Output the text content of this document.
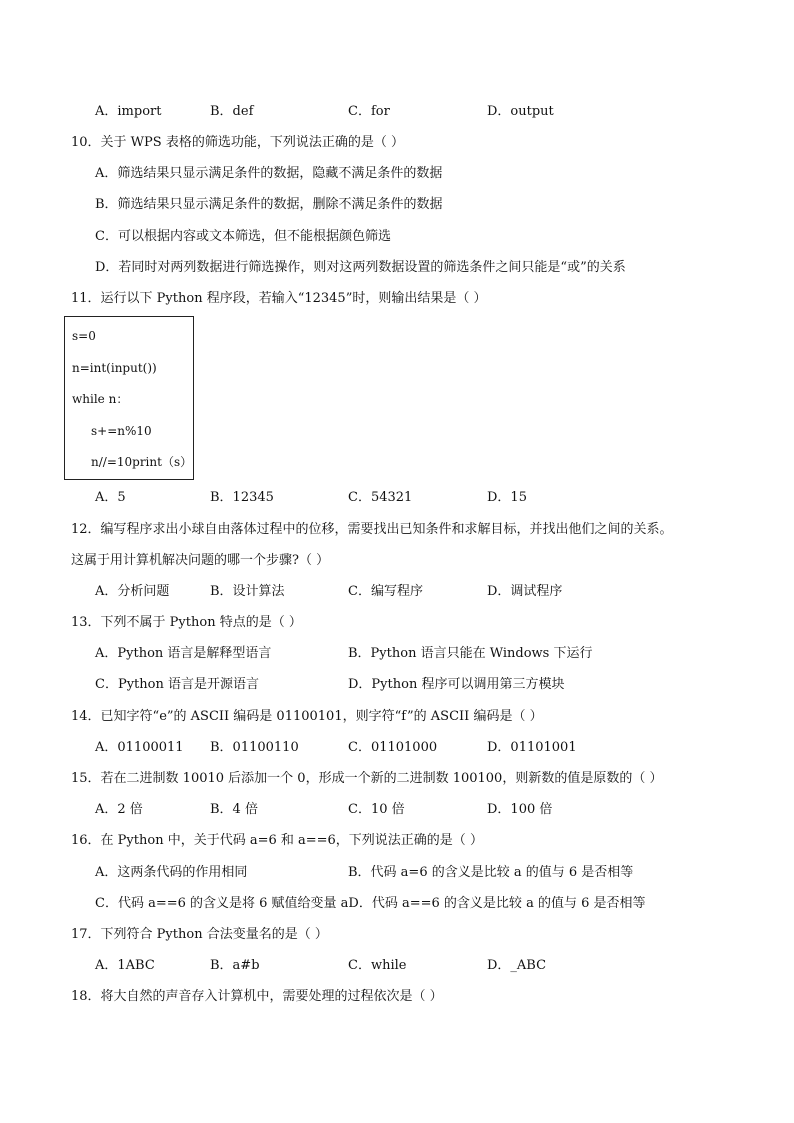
A．import	B．def	C．for	D．output
10．关于 WPS 表格的筛选功能，下列说法正确的是（ ）
A．筛选结果只显示满足条件的数据，隐藏不满足条件的数据
B．筛选结果只显示满足条件的数据，删除不满足条件的数据
C．可以根据内容或文本筛选，但不能根据颜色筛选
D．若同时对两列数据进行筛选操作，则对这两列数据设置的筛选条件之间只能是“或”的关系
11．运行以下 Python 程序段，若输入“12345”时，则输出结果是（ ）
s=0
n=int(input())
while n：
s+=n%10
n//=10print（s）
A．5	B．12345	C．54321	D．15
12．编写程序求出小球自由落体过程中的位移，需要找出已知条件和求解目标，并找出他们之间的关系。
这属于用计算机解决问题的哪一个步骤?（ ）
A．分析问题	B．设计算法	C．编写程序	D．调试程序
13．下列不属于 Python 特点的是（ ）
A．Python 语言是解释型语言	B．Python 语言只能在 Windows 下运行
C．Python 语言是开源语言	D．Python 程序可以调用第三方模块
14．已知字符“e”的 ASCII 编码是 01100101，则字符“f”的 ASCII 编码是（ ）
A．01100011 B．01100110	C．01101000	D．01101001
15．若在二进制数 10010 后添加一个 0，形成一个新的二进制数 100100，则新数的值是原数的（ ）
A．2 倍	B．4 倍	C．10 倍	D．100 倍
16．在 Python 中，关于代码 a=6 和 a==6，下列说法正确的是（ ）
A．这两条代码的作用相同	B．代码 a=6 的含义是比较 a 的值与 6 是否相等
C．代码 a==6 的含义是将 6 赋值给变量 aD．代码 a==6 的含义是比较 a 的值与 6 是否相等
17．下列符合 Python 合法变量名的是（ ）
A．1ABC	B．a#b	C．while	D．_ABC
18．将大自然的声音存入计算机中，需要处理的过程依次是（ ）
